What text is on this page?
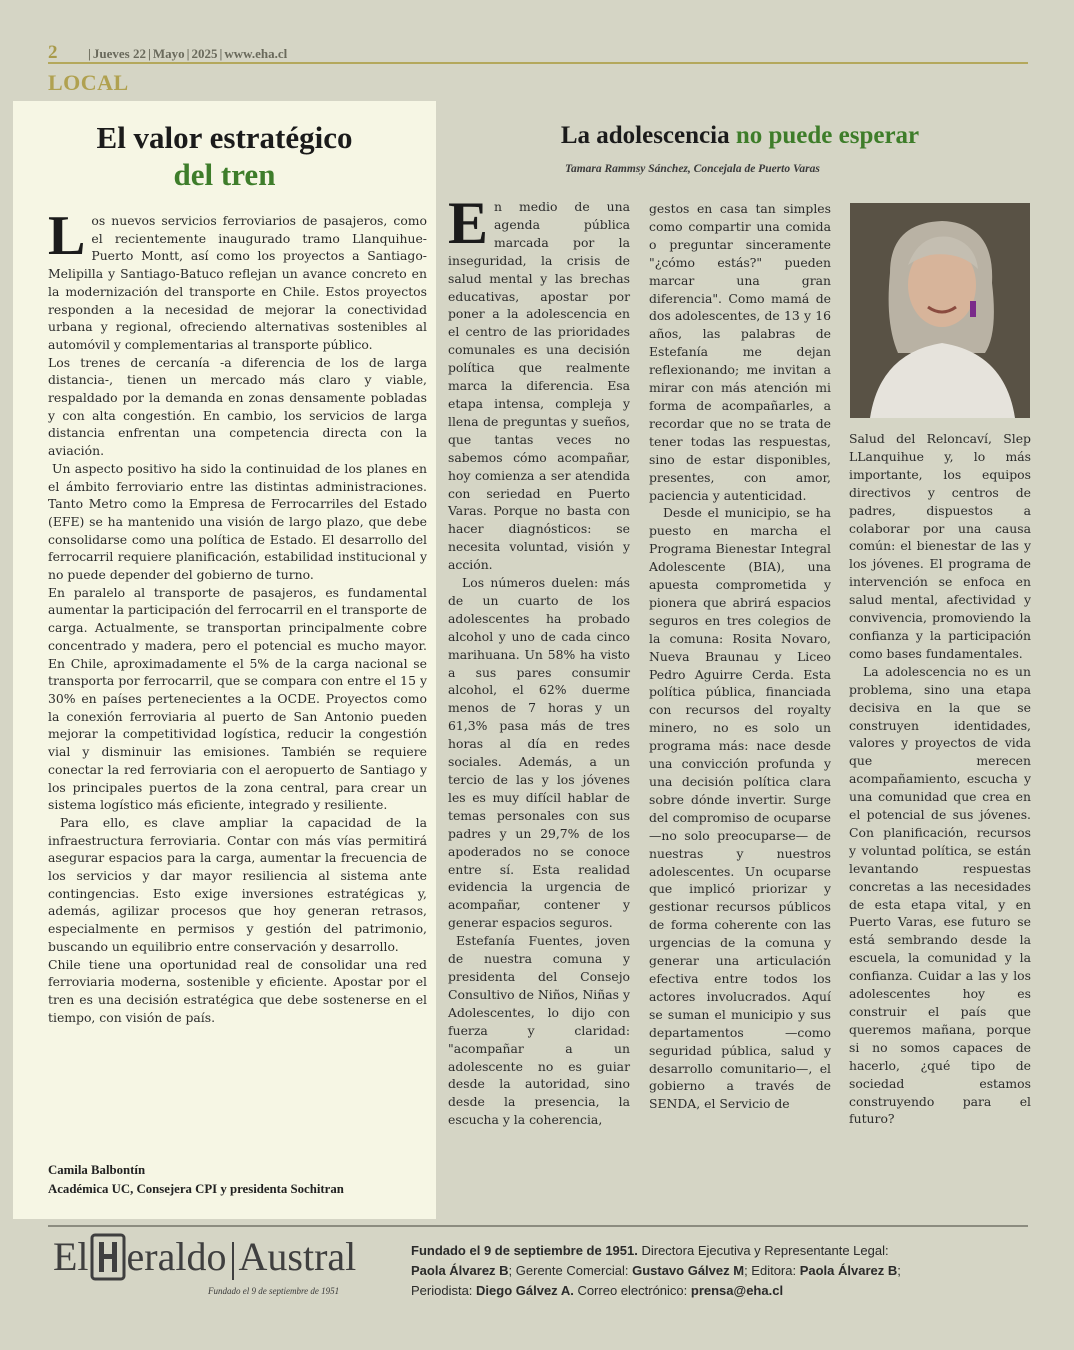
2 | Jueves 22 | Mayo | 2025 | www.eha.cl
LOCAL
El valor estratégico
del tren

Los nuevos servicios ferroviarios de pasajeros, como el recientemente inaugurado tramo Llanquihue-Puerto Montt, así como los proyectos a Santiago-Melipilla y Santiago-Batuco reflejan un avance concreto en la modernización del transporte en Chile. Estos proyectos responden a la necesidad de mejorar la conectividad urbana y regional, ofreciendo alternativas sostenibles al automóvil y complementarias al transporte público.

Los trenes de cercanía -a diferencia de los de larga distancia-, tienen un mercado más claro y viable, respaldado por la demanda en zonas densamente pobladas y con alta congestión. En cambio, los servicios de larga distancia enfrentan una competencia directa con la aviación.

Un aspecto positivo ha sido la continuidad de los planes en el ámbito ferroviario entre las distintas administraciones. Tanto Metro como la Empresa de Ferrocarriles del Estado (EFE) se ha mantenido una visión de largo plazo, que debe consolidarse como una política de Estado. El desarrollo del ferrocarril requiere planificación, estabilidad institucional y no puede depender del gobierno de turno.

En paralelo al transporte de pasajeros, es fundamental aumentar la participación del ferrocarril en el transporte de carga. Actualmente, se transportan principalmente cobre concentrado y madera, pero el potencial es mucho mayor. En Chile, aproximadamente el 5% de la carga nacional se transporta por ferrocarril, que se compara con entre el 15 y 30% en países pertenecientes a la OCDE. Proyectos como la conexión ferroviaria al puerto de San Antonio pueden mejorar la competitividad logística, reducir la congestión vial y disminuir las emisiones. También se requiere conectar la red ferroviaria con el aeropuerto de Santiago y los principales puertos de la zona central, para crear un sistema logístico más eficiente, integrado y resiliente.

Para ello, es clave ampliar la capacidad de la infraestructura ferroviaria. Contar con más vías permitirá asegurar espacios para la carga, aumentar la frecuencia de los servicios y dar mayor resiliencia al sistema ante contingencias. Esto exige inversiones estratégicas y, además, agilizar procesos que hoy generan retrasos, especialmente en permisos y gestión del patrimonio, buscando un equilibrio entre conservación y desarrollo.

Chile tiene una oportunidad real de consolidar una red ferroviaria moderna, sostenible y eficiente. Apostar por el tren es una decisión estratégica que debe sostenerse en el tiempo, con visión de país.

Camila Balbontín
Académica UC, Consejera CPI y presidenta Sochitran
La adolescencia no puede esperar
Tamara Rammsy Sánchez, Concejala de Puerto Varas

En medio de una agenda pública marcada por la inseguridad, la crisis de salud mental y las brechas educativas, apostar por poner a la adolescencia en el centro de las prioridades comunales es una decisión política que realmente marca la diferencia. Esa etapa intensa, compleja y llena de preguntas y sueños, que tantas veces no sabemos cómo acompañar, hoy comienza a ser atendida con seriedad en Puerto Varas. Porque no basta con hacer diagnósticos: se necesita voluntad, visión y acción.

Los números duelen: más de un cuarto de los adolescentes ha probado alcohol y uno de cada cinco marihuana. Un 58% ha visto a sus pares consumir alcohol, el 62% duerme menos de 7 horas y un 61,3% pasa más de tres horas al día en redes sociales. Además, a un tercio de las y los jóvenes les es muy difícil hablar de temas personales con sus padres y un 29,7% de los apoderados no se conoce entre sí. Esta realidad evidencia la urgencia de acompañar, contener y generar espacios seguros.

Estefanía Fuentes, joven de nuestra comuna y presidenta del Consejo Consultivo de Niños, Niñas y Adolescentes, lo dijo con fuerza y claridad: "acompañar a un adolescente no es guiar desde la autoridad, sino desde la presencia, la escucha y la coherencia,

gestos en casa tan simples como compartir una comida o preguntar sinceramente "¿cómo estás?" pueden marcar una gran diferencia". Como mamá de dos adolescentes, de 13 y 16 años, las palabras de Estefanía me dejan reflexionando; me invitan a mirar con más atención mi forma de acompañarles, a recordar que no se trata de tener todas las respuestas, sino de estar disponibles, presentes, con amor, paciencia y autenticidad.

Desde el municipio, se ha puesto en marcha el Programa Bienestar Integral Adolescente (BIA), una apuesta comprometida y pionera que abrirá espacios seguros en tres colegios de la comuna: Rosita Novaro, Nueva Braunau y Liceo Pedro Aguirre Cerda. Esta política pública, financiada con recursos del royalty minero, no es solo un programa más: nace desde una convicción profunda y una decisión política clara sobre dónde invertir. Surge del compromiso de ocuparse —no solo preocuparse— de nuestras y nuestros adolescentes. Un ocuparse que implicó priorizar y gestionar recursos públicos de forma coherente con las urgencias de la comuna y generar una articulación efectiva entre todos los actores involucrados. Aquí se suman el municipio y sus departamentos —como seguridad pública, salud y desarrollo comunitario—, el gobierno a través de SENDA, el Servicio de

Salud del Reloncaví, Slep LLanquihue y, lo más importante, los equipos directivos y centros de padres, dispuestos a colaborar por una causa común: el bienestar de las y los jóvenes. El programa de intervención se enfoca en salud mental, afectividad y convivencia, promoviendo la confianza y la participación como bases fundamentales.

La adolescencia no es un problema, sino una etapa decisiva en la que se construyen identidades, valores y proyectos de vida que merecen acompañamiento, escucha y una comunidad que crea en el potencial de sus jóvenes. Con planificación, recursos y voluntad política, se están levantando respuestas concretas a las necesidades de esta etapa vital, y en Puerto Varas, ese futuro se está sembrando desde la escuela, la comunidad y la confianza. Cuidar a las y los adolescentes hoy es construir el país que queremos mañana, porque si no somos capaces de hacerlo, ¿qué tipo de sociedad estamos construyendo para el futuro?

El eraldo Austral
Fundado el 9 de septiembre de 1951
Fundado el 9 de septiembre de 1951. Directora Ejecutiva y Representante Legal:
Paola Álvarez B; Gerente Comercial: Gustavo Gálvez M; Editora: Paola Álvarez B;
Periodista: Diego Gálvez A. Correo electrónico: prensa@eha.cl
